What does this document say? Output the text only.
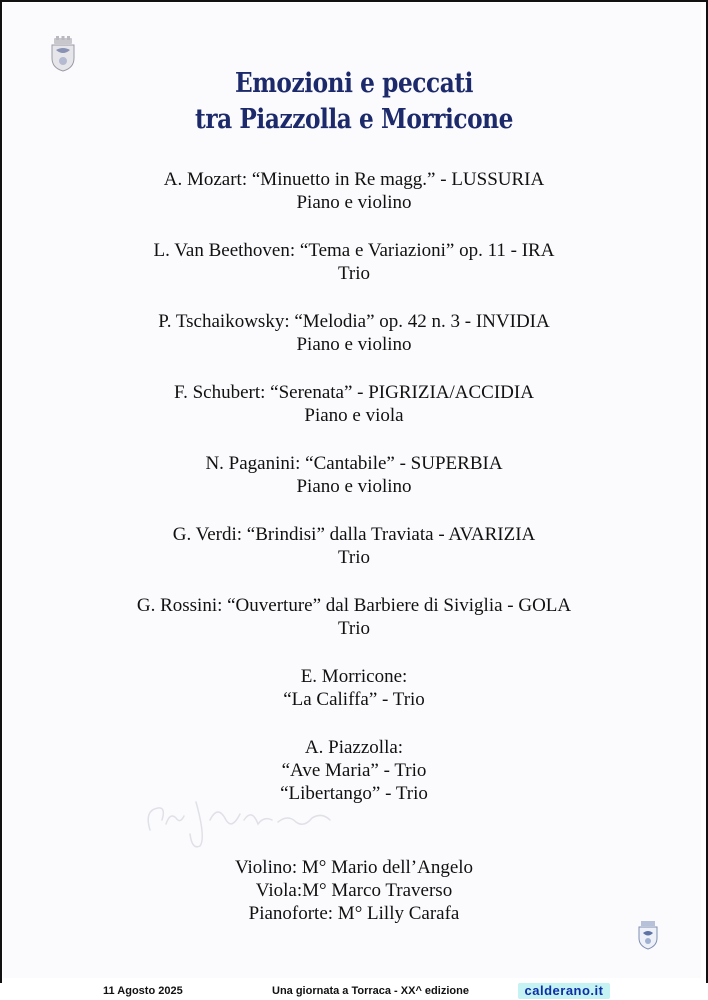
Emozioni e peccati
tra Piazzolla e Morricone
A. Mozart: “Minuetto in Re magg.” - LUSSURIA
Piano e violino
L. Van Beethoven: “Tema e Variazioni” op. 11 - IRA
Trio
P. Tschaikowsky: “Melodia” op. 42 n. 3 - INVIDIA
Piano e violino
F. Schubert: “Serenata” - PIGRIZIA/ACCIDIA
Piano e viola
N. Paganini: “Cantabile” - SUPERBIA
Piano e violino
G. Verdi: “Brindisi” dalla Traviata - AVARIZIA
Trio
G. Rossini: “Ouverture” dal Barbiere di Siviglia - GOLA
Trio
E. Morricone:
“La Califfa” - Trio
A. Piazzolla:
“Ave Maria” - Trio
“Libertango” - Trio
Violino: M° Mario dell’Angelo
Viola:M° Marco Traverso
Pianoforte: M° Lilly Carafa
11 Agosto 2025	Una giornata a Torraca - XX^ edizione	calderano.it
